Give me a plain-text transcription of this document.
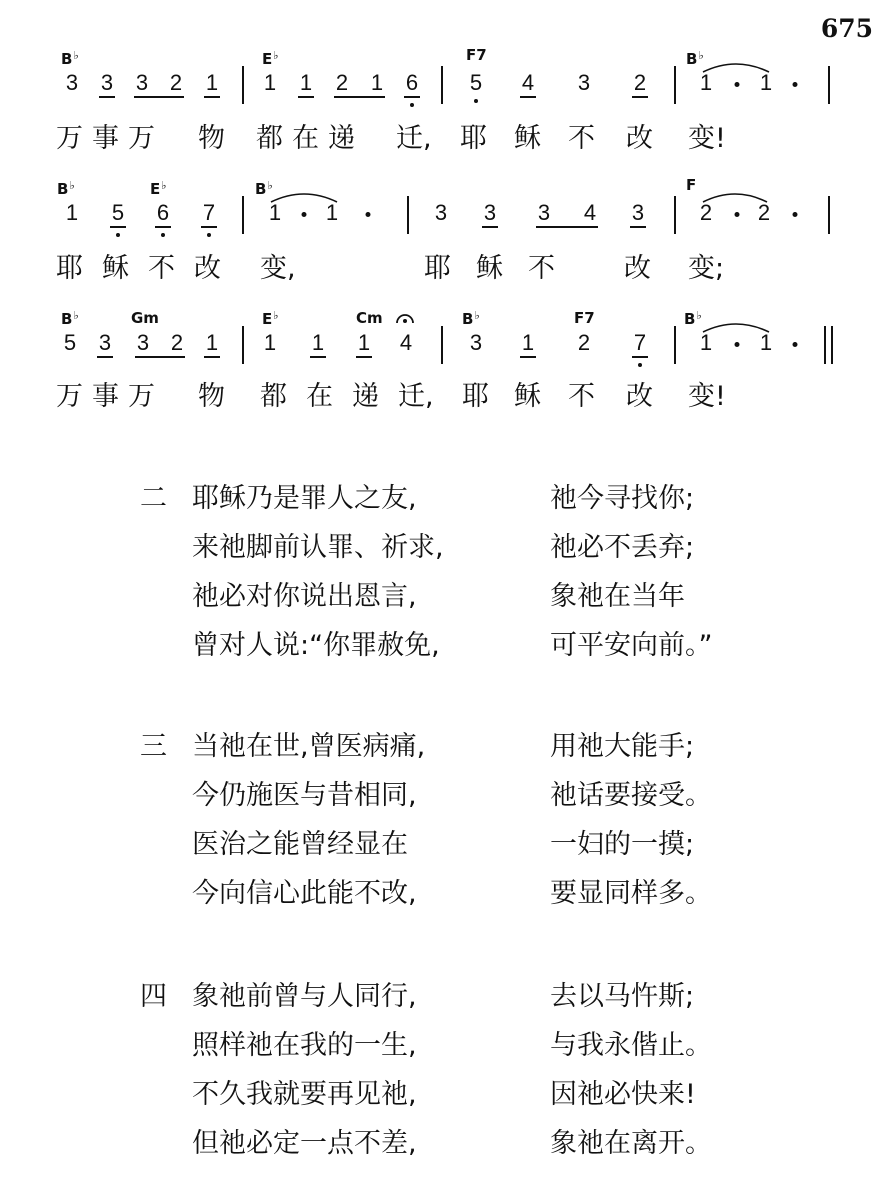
675
B♭	E♭	F7	B♭
3 3 3 2 1 1 1 2 1 6 5 4 3 2 1 1
万 事 万 物 都 在 递 迁, 耶 稣 不 改 变!
B♭	E♭	B♭	F
1 5 6 7 1 1	3 3 3 4 3	2 2
耶 稣 不 改 变,	耶 稣 不	改 变;
B♭	Gm	E♭	Cm	B♭	F7	B♭
5 3 3 2 1 1 1 1 4	3 1 2 7 1 1
万 事 万 物 都 在 递 迁, 耶 稣 不 改 变!
二 耶稣乃是罪人之友,	祂今寻找你;
来祂脚前认罪、祈求,	祂必不丢弃;
祂必对你说出恩言,	象祂在当年
曾对人说:“你罪赦免,	可平安向前。”
三 当祂在世,曾医病痛,	用祂大能手;
今仍施医与昔相同,	祂话要接受。
医治之能曾经显在	一妇的一摸;
今向信心此能不改,	要显同样多。
四 象祂前曾与人同行,	去以马忤斯;
照样祂在我的一生,	与我永偕止。
不久我就要再见祂,	因祂必快来!
但祂必定一点不差,	象祂在离开。
